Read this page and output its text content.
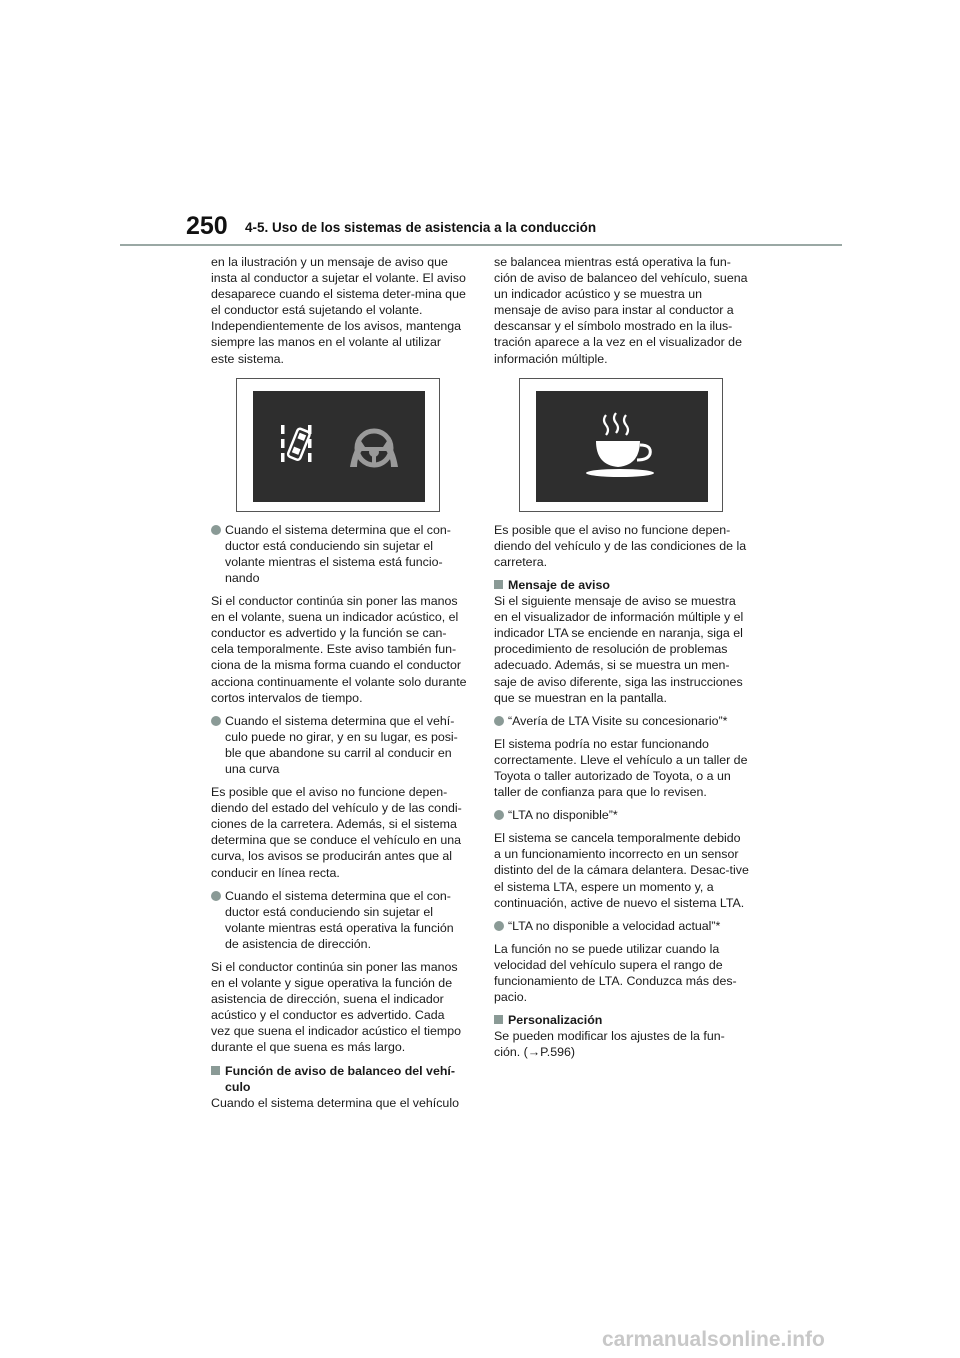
250 4-5. Uso de los sistemas de asistencia a la conducción

en la ilustración y un mensaje de aviso que insta al conductor a sujetar el volante. El aviso desaparece cuando el sistema deter-mina que el conductor está sujetando el volante. Independientemente de los avisos, mantenga siempre las manos en el volante al utilizar este sistema.

Cuando el sistema determina que el con-ductor está conduciendo sin sujetar el volante mientras el sistema está funcio-nando

Si el conductor continúa sin poner las manos en el volante, suena un indicador acústico, el conductor es advertido y la función se can-cela temporalmente. Este aviso también fun-ciona de la misma forma cuando el conductor acciona continuamente el volante solo durante cortos intervalos de tiempo.

Cuando el sistema determina que el vehí-culo puede no girar, y en su lugar, es posi-ble que abandone su carril al conducir en una curva

Es posible que el aviso no funcione depen-diendo del estado del vehículo y de las condi-ciones de la carretera. Además, si el sistema determina que se conduce el vehículo en una curva, los avisos se producirán antes que al conducir en línea recta.

Cuando el sistema determina que el con-ductor está conduciendo sin sujetar el volante mientras está operativa la función de asistencia de dirección.

Si el conductor continúa sin poner las manos en el volante y sigue operativa la función de asistencia de dirección, suena el indicador acústico y el conductor es advertido. Cada vez que suena el indicador acústico el tiempo durante el que suena es más largo.

Función de aviso de balanceo del vehí-culo

Cuando el sistema determina que el vehículo

se balancea mientras está operativa la fun-ción de aviso de balanceo del vehículo, suena un indicador acústico y se muestra un mensaje de aviso para instar al conductor a descansar y el símbolo mostrado en la ilus-tración aparece a la vez en el visualizador de información múltiple.

Es posible que el aviso no funcione depen-diendo del vehículo y de las condiciones de la carretera.

Mensaje de aviso

Si el siguiente mensaje de aviso se muestra en el visualizador de información múltiple y el indicador LTA se enciende en naranja, siga el procedimiento de resolución de problemas adecuado. Además, si se muestra un men-saje de aviso diferente, siga las instrucciones que se muestran en la pantalla.

“Avería de LTA Visite su concesionario”*

El sistema podría no estar funcionando correctamente. Lleve el vehículo a un taller de Toyota o taller autorizado de Toyota, o a un taller de confianza para que lo revisen.

“LTA no disponible”*

El sistema se cancela temporalmente debido a un funcionamiento incorrecto en un sensor distinto del de la cámara delantera. Desac-tive el sistema LTA, espere un momento y, a continuación, active de nuevo el sistema LTA.

“LTA no disponible a velocidad actual”*

La función no se puede utilizar cuando la velocidad del vehículo supera el rango de funcionamiento de LTA. Conduzca más des-pacio.

Personalización

Se pueden modificar los ajustes de la fun-ción. (→P.596)

carmanualsonline.info
